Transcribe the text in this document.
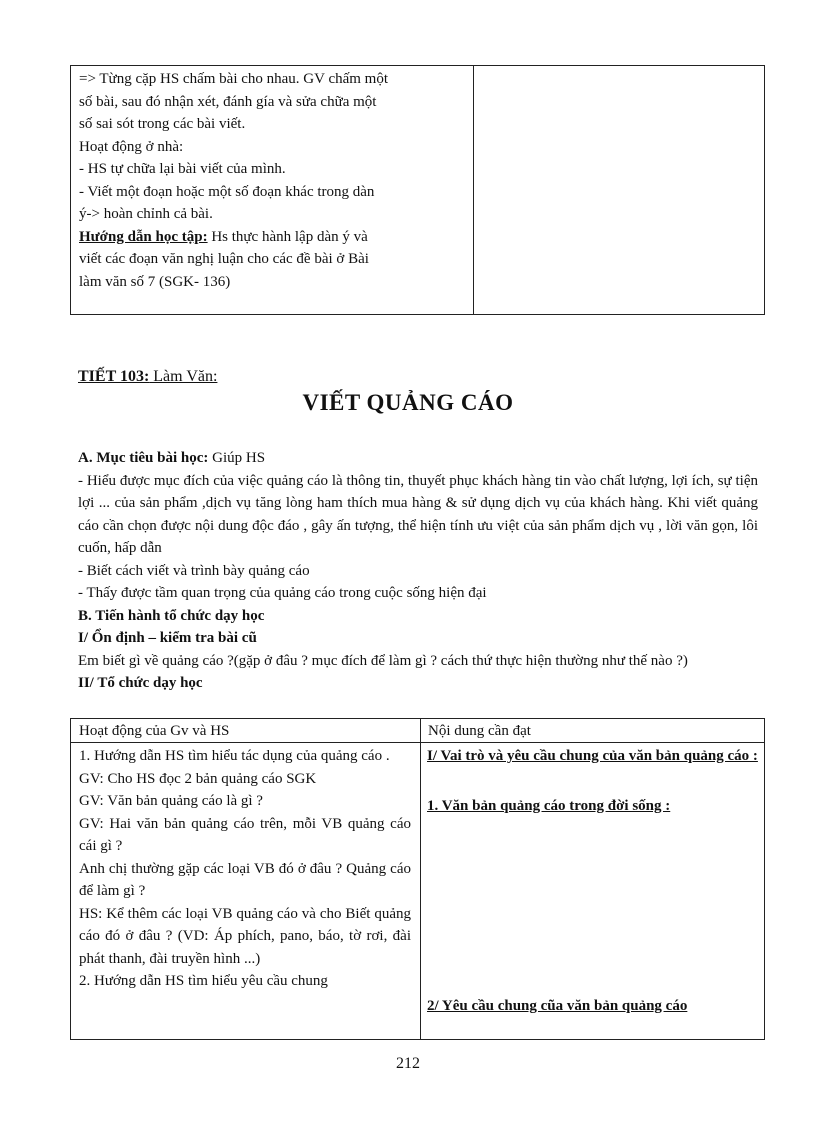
=> Từng cặp HS chấm bài cho nhau. GV chấm một
số bài, sau đó nhận xét, đánh gía và sửa chữa một
số sai sót trong các bài viết.
Hoạt động ở nhà:
- HS tự chữa lại bài viết của mình.
- Viết một đoạn hoặc một số đoạn khác trong dàn
ý-> hoàn chỉnh cả bài.
Hướng dẫn học tập: Hs thực hành lập dàn ý và
viết các đoạn văn nghị luận cho các đề bài ở Bài
làm văn số 7 (SGK- 136)
TIẾT 103: Làm Văn:
VIẾT QUẢNG CÁO

A. Mục tiêu bài học: Giúp HS

- Hiểu được mục đích của việc quảng cáo là thông tin, thuyết phục khách hàng tin vào chất lượng, lợi ích, sự tiện lợi ... của sản phẩm ,dịch vụ tăng lòng ham thích mua hàng & sử dụng dịch vụ của khách hàng. Khi viết quảng cáo cần chọn được nội dung độc đáo , gây ấn tượng, thể hiện tính ưu việt của sản phẩm dịch vụ , lời văn gọn, lôi cuốn, hấp dẫn

- Biết cách viết và trình bày quảng cáo

- Thấy được tầm quan trọng của quảng cáo trong cuộc sống hiện đại

B. Tiến hành tổ chức dạy học

I/ Ổn định – kiểm tra bài cũ

Em biết gì về quảng cáo ?(gặp ở đâu ? mục đích để làm gì ? cách thứ thực hiện thường như thế nào ?)

II/ Tổ chức dạy học

Hoạt động của Gv và HS	Nội dung cần đạt

1. Hướng dẫn HS tìm hiểu tác dụng của quảng cáo .

GV: Cho HS đọc 2 bản quảng cáo SGK

GV: Văn bản quảng cáo là gì ?

GV: Hai văn bản quảng cáo trên, mỗi VB quảng cáo cái gì ?

Anh chị thường gặp các loại VB đó ở đâu ? Quảng cáo để làm gì ?

HS: Kể thêm các loại VB quảng cáo và cho Biết quảng cáo đó ở đâu ? (VD: Áp phích, pano, báo, tờ rơi, đài phát thanh, đài truyền hình ...)

2. Hướng dẫn HS tìm hiểu yêu cầu chung

I/ Vai trò và yêu cầu chung của văn bản quảng cáo :
1. Văn bản quảng cáo trong đời sống :
2/ Yêu cầu chung cũa văn bản quảng cáo
212
